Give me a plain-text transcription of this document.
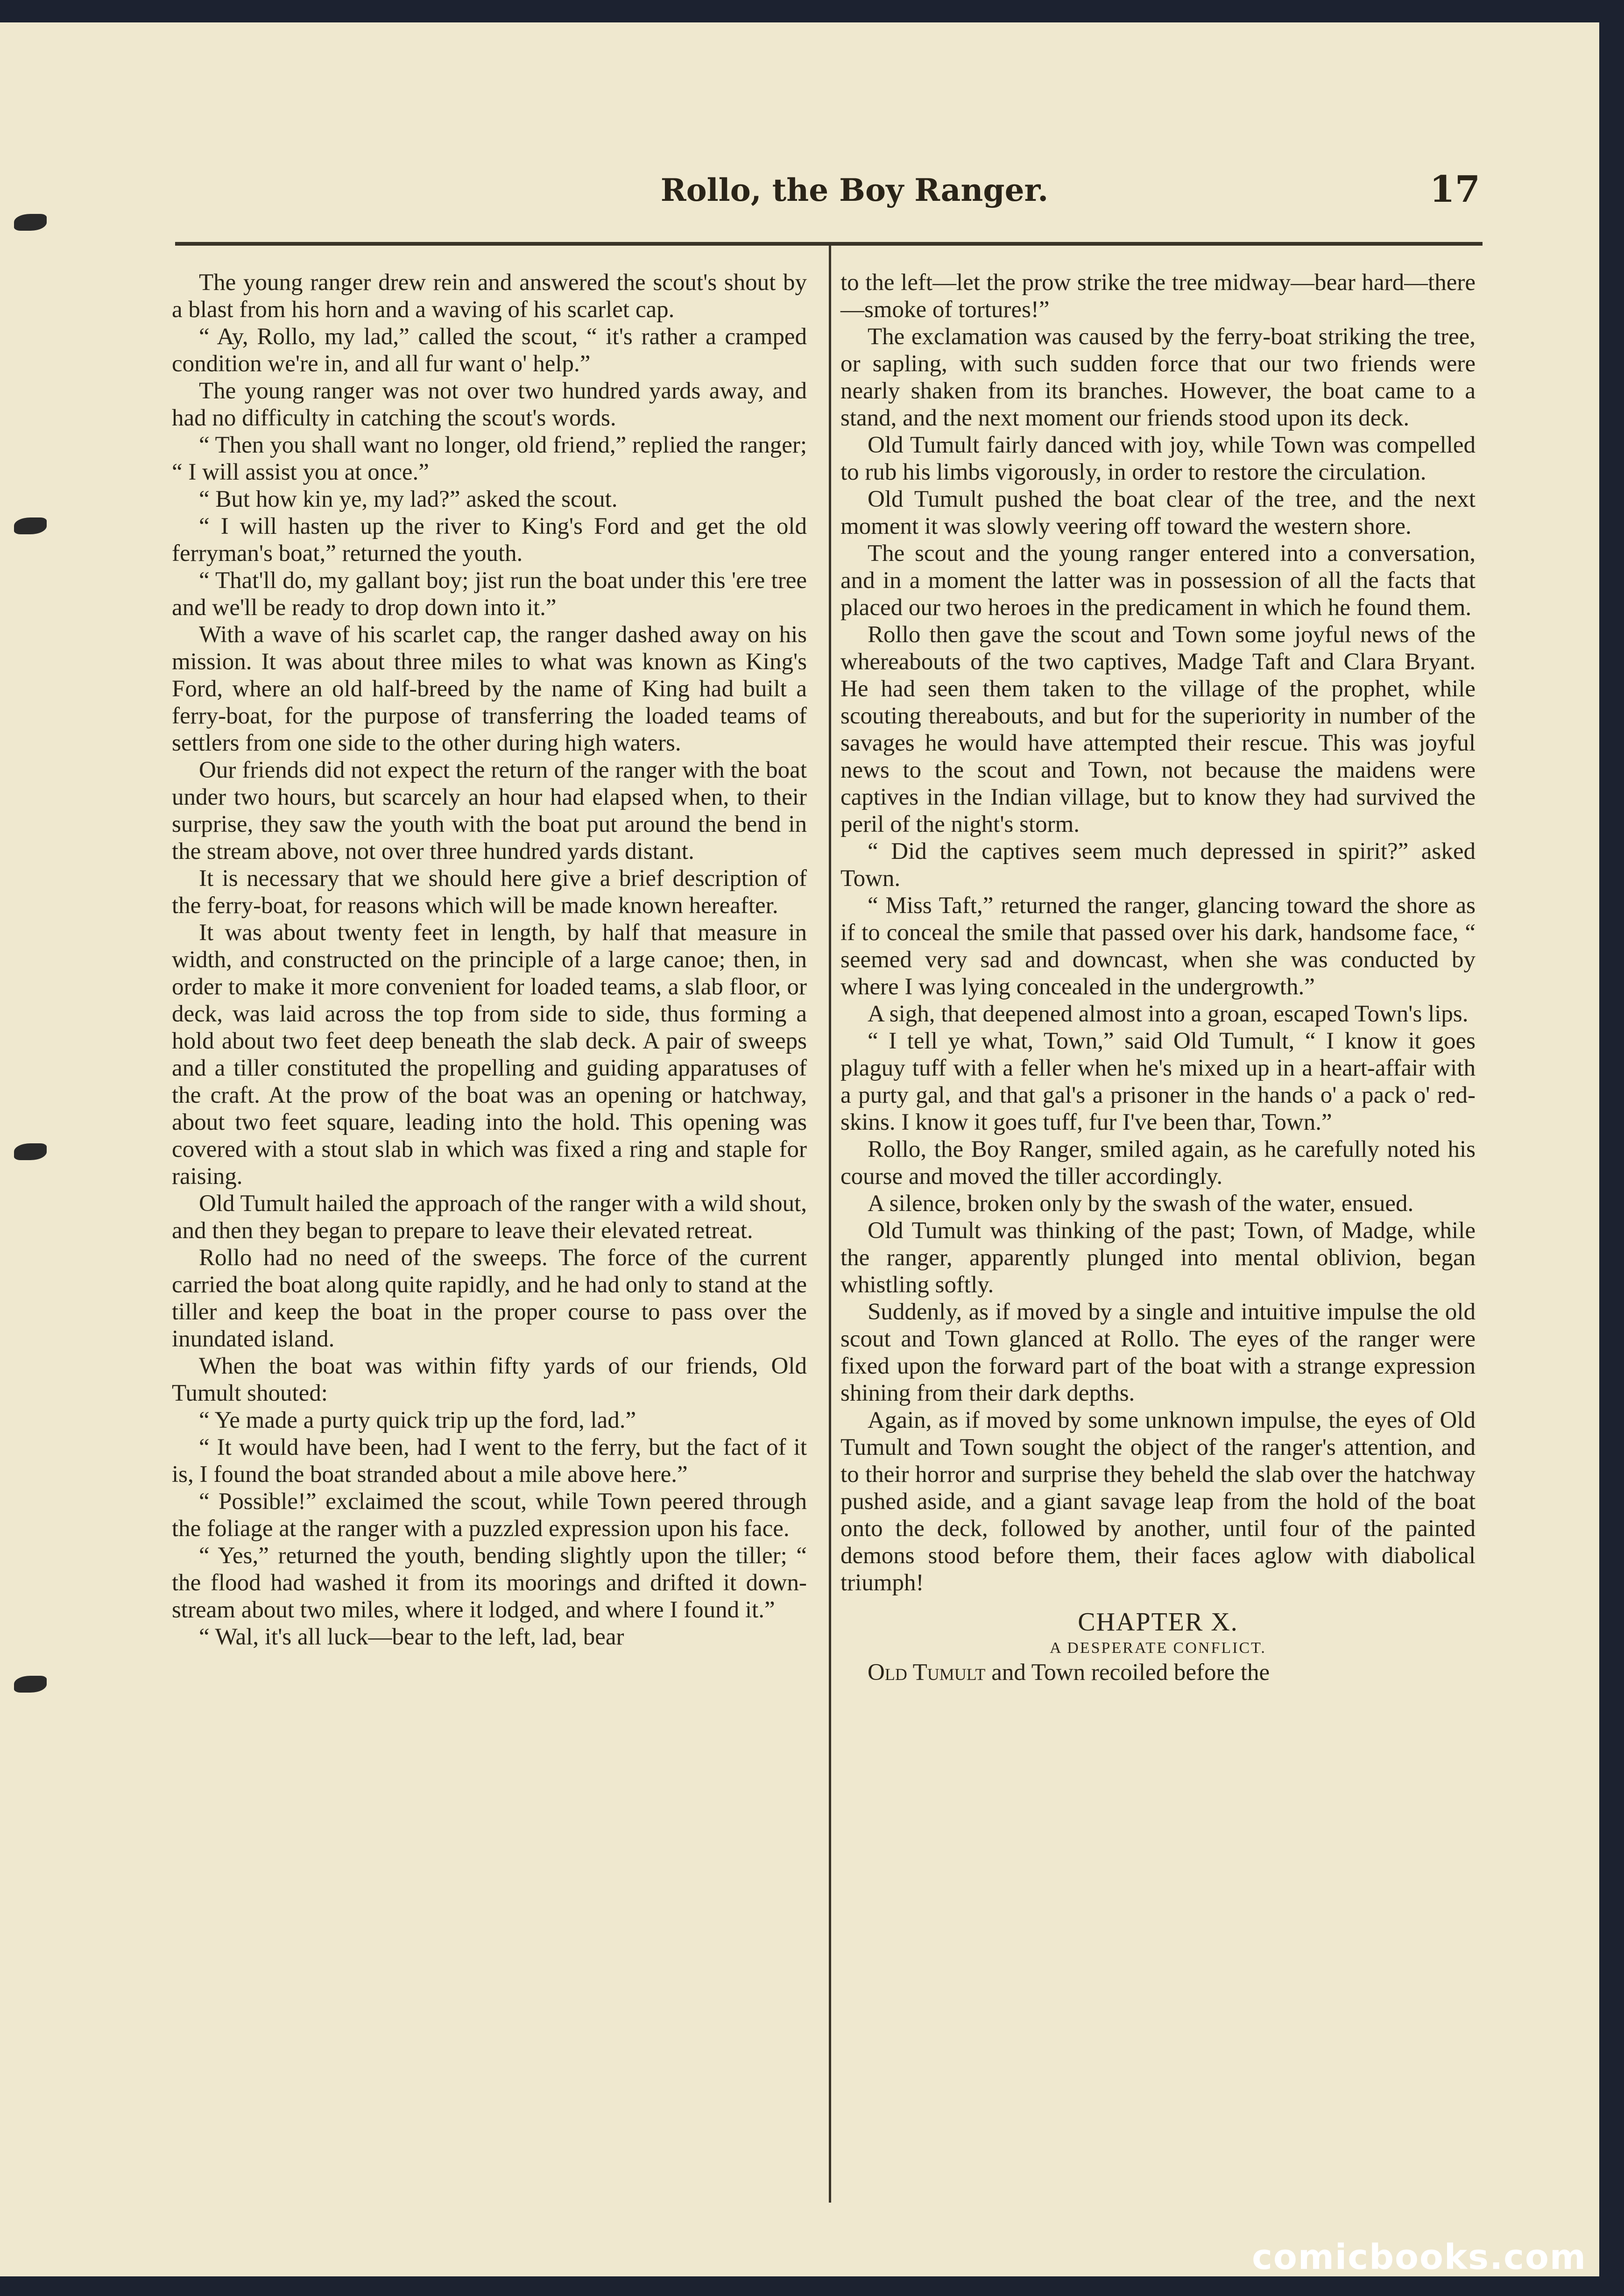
Rollo, the Boy Ranger.	17

The young ranger drew rein and answered the scout's shout by a blast from his horn and a waving of his scarlet cap.

“ Ay, Rollo, my lad,” called the scout, “ it's rather a cramped condition we're in, and all fur want o' help.”

The young ranger was not over two hundred yards away, and had no difficulty in catching the scout's words.

“ Then you shall want no longer, old friend,” replied the ranger; “ I will assist you at once.”

“ But how kin ye, my lad?” asked the scout.

“ I will hasten up the river to King's Ford and get the old ferryman's boat,” returned the youth.

“ That'll do, my gallant boy; jist run the boat under this 'ere tree and we'll be ready to drop down into it.”

With a wave of his scarlet cap, the ranger dashed away on his mission. It was about three miles to what was known as King's Ford, where an old half-breed by the name of King had built a ferry-boat, for the purpose of transferring the loaded teams of settlers from one side to the other during high waters.

Our friends did not expect the return of the ranger with the boat under two hours, but scarcely an hour had elapsed when, to their surprise, they saw the youth with the boat put around the bend in the stream above, not over three hundred yards distant.

It is necessary that we should here give a brief description of the ferry-boat, for reasons which will be made known hereafter.

It was about twenty feet in length, by half that measure in width, and constructed on the principle of a large canoe; then, in order to make it more convenient for loaded teams, a slab floor, or deck, was laid across the top from side to side, thus forming a hold about two feet deep beneath the slab deck. A pair of sweeps and a tiller constituted the propelling and guiding apparatuses of the craft. At the prow of the boat was an opening or hatchway, about two feet square, leading into the hold. This opening was covered with a stout slab in which was fixed a ring and staple for raising.

Old Tumult hailed the approach of the ranger with a wild shout, and then they began to prepare to leave their elevated retreat.

Rollo had no need of the sweeps. The force of the current carried the boat along quite rapidly, and he had only to stand at the tiller and keep the boat in the proper course to pass over the inundated island.

When the boat was within fifty yards of our friends, Old Tumult shouted:

“ Ye made a purty quick trip up the ford, lad.”

“ It would have been, had I went to the ferry, but the fact of it is, I found the boat stranded about a mile above here.”

“ Possible!” exclaimed the scout, while Town peered through the foliage at the ranger with a puzzled expression upon his face.

“ Yes,” returned the youth, bending slightly upon the tiller; “ the flood had washed it from its moorings and drifted it down-stream about two miles, where it lodged, and where I found it.”

“ Wal, it's all luck—bear to the left, lad, bear

to the left—let the prow strike the tree midway—bear hard—there—smoke of tortures!”

The exclamation was caused by the ferry-boat striking the tree, or sapling, with such sudden force that our two friends were nearly shaken from its branches. However, the boat came to a stand, and the next moment our friends stood upon its deck.

Old Tumult fairly danced with joy, while Town was compelled to rub his limbs vigorously, in order to restore the circulation.

Old Tumult pushed the boat clear of the tree, and the next moment it was slowly veering off toward the western shore.

The scout and the young ranger entered into a conversation, and in a moment the latter was in possession of all the facts that placed our two heroes in the predicament in which he found them.

Rollo then gave the scout and Town some joyful news of the whereabouts of the two captives, Madge Taft and Clara Bryant. He had seen them taken to the village of the prophet, while scouting thereabouts, and but for the superiority in number of the savages he would have attempted their rescue. This was joyful news to the scout and Town, not because the maidens were captives in the Indian village, but to know they had survived the peril of the night's storm.

“ Did the captives seem much depressed in spirit?” asked Town.

“ Miss Taft,” returned the ranger, glancing toward the shore as if to conceal the smile that passed over his dark, handsome face, “ seemed very sad and downcast, when she was conducted by where I was lying concealed in the undergrowth.”

A sigh, that deepened almost into a groan, escaped Town's lips.

“ I tell ye what, Town,” said Old Tumult, “ I know it goes plaguy tuff with a feller when he's mixed up in a heart-affair with a purty gal, and that gal's a prisoner in the hands o' a pack o' red-skins. I know it goes tuff, fur I've been thar, Town.”

Rollo, the Boy Ranger, smiled again, as he carefully noted his course and moved the tiller accordingly.

A silence, broken only by the swash of the water, ensued.

Old Tumult was thinking of the past; Town, of Madge, while the ranger, apparently plunged into mental oblivion, began whistling softly.

Suddenly, as if moved by a single and intuitive impulse the old scout and Town glanced at Rollo. The eyes of the ranger were fixed upon the forward part of the boat with a strange expression shining from their dark depths.

Again, as if moved by some unknown impulse, the eyes of Old Tumult and Town sought the object of the ranger's attention, and to their horror and surprise they beheld the slab over the hatchway pushed aside, and a giant savage leap from the hold of the boat onto the deck, followed by another, until four of the painted demons stood before them, their faces aglow with diabolical triumph!

CHAPTER X.
A DESPERATE CONFLICT.

Old Tumult and Town recoiled before the

comicbooks.com
